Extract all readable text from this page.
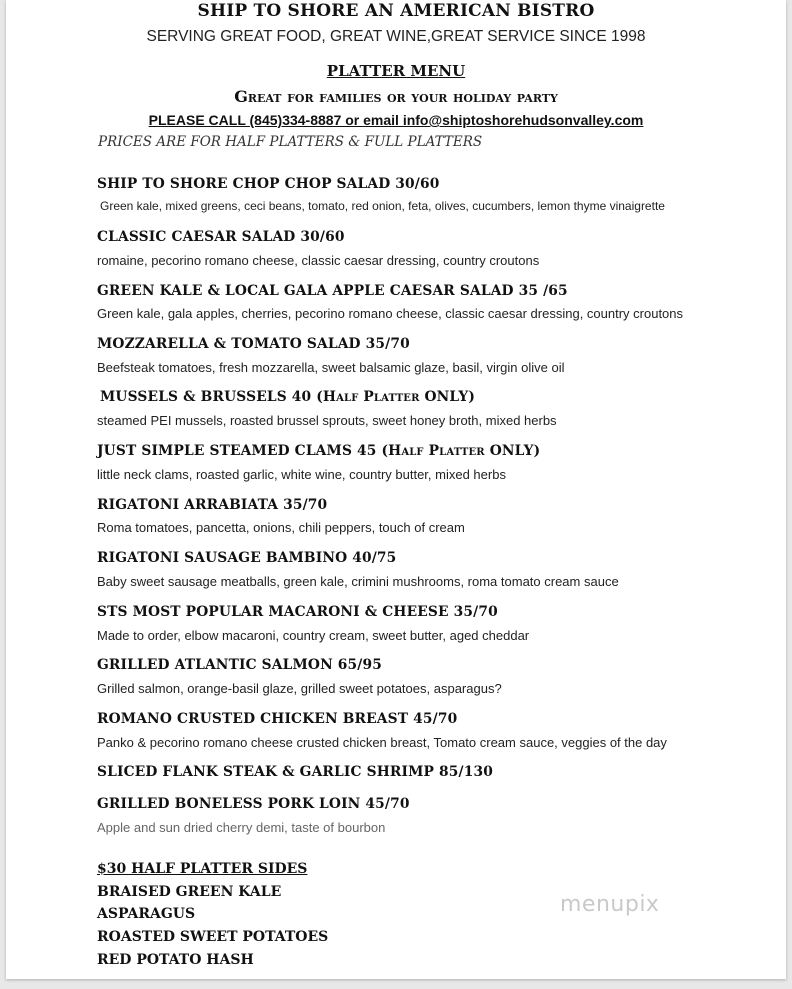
SHIP TO SHORE AN AMERICAN BISTRO
SERVING GREAT FOOD, GREAT WINE,GREAT SERVICE SINCE 1998
PLATTER MENU
Great for families or your holiday party
PLEASE CALL (845)334-8887 or email info@shiptoshorehudsonvalley.com
PRICES ARE FOR HALF PLATTERS & FULL PLATTERS
SHIP TO SHORE CHOP CHOP SALAD 30/60
Green kale, mixed greens, ceci beans, tomato, red onion, feta, olives, cucumbers, lemon thyme vinaigrette
CLASSIC CAESAR SALAD 30/60
romaine, pecorino romano cheese, classic caesar dressing, country croutons
GREEN KALE & LOCAL GALA APPLE CAESAR SALAD 35 /65
Green kale, gala apples, cherries, pecorino romano cheese, classic caesar dressing, country croutons
MOZZARELLA & TOMATO SALAD 35/70
Beefsteak tomatoes, fresh mozzarella, sweet balsamic glaze, basil, virgin olive oil
MUSSELS & BRUSSELS 40 (Half Platter ONLY)
steamed PEI mussels, roasted brussel sprouts, sweet honey broth, mixed herbs
JUST SIMPLE STEAMED CLAMS 45 (Half Platter ONLY)
little neck clams, roasted garlic, white wine, country butter, mixed herbs
RIGATONI ARRABIATA 35/70
Roma tomatoes, pancetta, onions, chili peppers, touch of cream
RIGATONI SAUSAGE BAMBINO 40/75
Baby sweet sausage meatballs, green kale, crimini mushrooms, roma tomato cream sauce
STS MOST POPULAR MACARONI & CHEESE 35/70
Made to order, elbow macaroni, country cream, sweet butter, aged cheddar
GRILLED ATLANTIC SALMON 65/95
Grilled salmon, orange-basil glaze, grilled sweet potatoes, asparagus?
ROMANO CRUSTED CHICKEN BREAST 45/70
Panko & pecorino romano cheese crusted chicken breast, Tomato cream sauce, veggies of the day
SLICED FLANK STEAK & GARLIC SHRIMP 85/130
GRILLED BONELESS PORK LOIN 45/70
Apple and sun dried cherry demi, taste of bourbon
$30 HALF PLATTER SIDES
BRAISED GREEN KALE
ASPARAGUS
ROASTED SWEET POTATOES
RED POTATO HASH
menupix
